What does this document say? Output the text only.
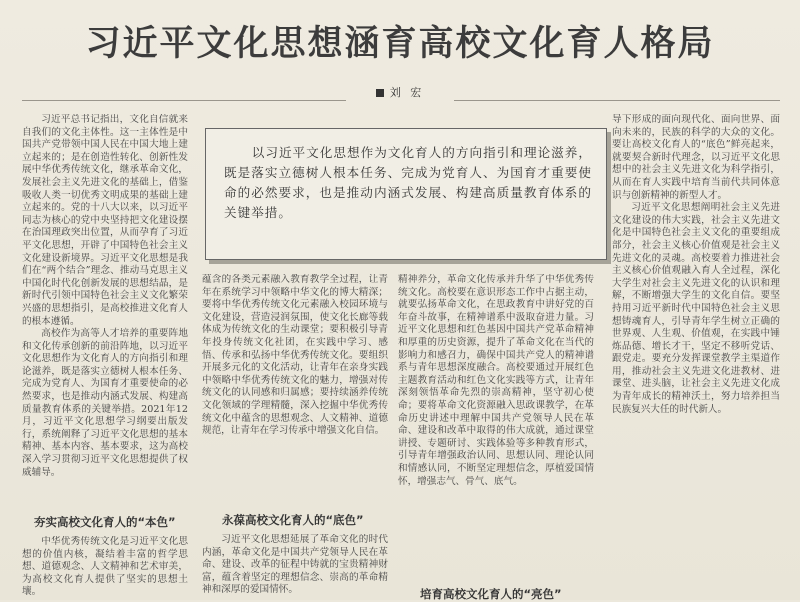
习近平文化思想涵育高校文化育人格局
刘 宏

习近平总书记指出，文化自信就来自我们的文化主体性。这一主体性是中国共产党带领中国人民在中国大地上建立起来的；是在创造性转化、创新性发展中华优秀传统文化，继承革命文化，发展社会主义先进文化的基础上，借鉴吸收人类一切优秀文明成果的基础上建立起来的。党的十八大以来，以习近平同志为核心的党中央坚持把文化建设摆在治国理政突出位置，从而孕育了习近平文化思想，开辟了中国特色社会主义文化建设新境界。习近平文化思想是我们在“两个结合”理念、推动马克思主义中国化时代化创新发展的思想结晶，是新时代引领中国特色社会主义文化繁荣兴盛的思想指引，是高校推进文化育人的根本遵循。

高校作为高等人才培养的重要阵地和文化传承创新的前沿阵地，以习近平文化思想作为文化育人的方向指引和理论滋养，既是落实立德树人根本任务、完成为党育人、为国育才重要使命的必然要求，也是推动内涵式发展、构建高质量教育体系的关键举措。2021年12月，习近平文化思想学习纲要出版发行，系统阐释了习近平文化思想的基本精神、基本内容、基本要求，这为高校深入学习贯彻习近平文化思想提供了权威辅导。

夯实高校文化育人的“本色”

中华优秀传统文化是习近平文化思想的价值内核，凝结着丰富的哲学思想、道德观念、人文精神和艺术审美，为高校文化育人提供了坚实的思想土壤。

以习近平文化思想作为文化育人的方向指引和理论滋养，既是落实立德树人根本任务、完成为党育人、为国育才重要使命的必然要求，也是推动内涵式发展、构建高质量教育体系的关键举措。

蕴含的各类元素融入教育教学全过程，让青年在系统学习中领略中华文化的博大精深；要将中华优秀传统文化元素融入校园环境与文化建设，营造浸润氛围，使文化长廊等载体成为传统文化的生动课堂；要积极引导青年投身传统文化社团，在实践中学习、感悟、传承和弘扬中华优秀传统文化。要组织开展多元化的文化活动，让青年在亲身实践中领略中华优秀传统文化的魅力，增强对传统文化的认同感和归属感；要持续涵养传统文化领域的学理精髓，深入挖掘中华优秀传统文化中蕴含的思想观念、人文精神、道德规范，让青年在学习传承中增强文化自信。

永葆高校文化育人的“底色”

习近平文化思想延展了革命文化的时代内涵，革命文化是中国共产党领导人民在革命、建设、改革的征程中铸就的宝贵精神财富，蕴含着坚定的理想信念、崇高的革命精神和深厚的爱国情怀。

精神养分，革命文化传承并升华了中华优秀传统文化。高校要在意识形态工作中占据主动，就要弘扬革命文化，在思政教育中讲好党的百年奋斗故事，在精神谱系中汲取奋进力量。习近平文化思想和红色基因中国共产党革命精神和厚重的历史资源，提升了革命文化在当代的影响力和感召力，确保中国共产党人的精神谱系与青年思想深度融合。高校要通过开展红色主题教育活动和红色文化实践等方式，让青年深刻领悟革命先烈的崇高精神，坚守初心使命；要将革命文化资源融入思政课教学，在革命历史讲述中理解中国共产党领导人民在革命、建设和改革中取得的伟大成就，通过课堂讲授、专题研讨、实践体验等多种教育形式，引导青年增强政治认同、思想认同、理论认同和情感认同，不断坚定理想信念，厚植爱国情怀，增强志气、骨气、底气。

培育高校文化育人的“亮色”

导下形成的面向现代化、面向世界、面向未来的，民族的科学的大众的文化。要让高校文化育人的“底色”鲜亮起来，就要契合新时代理念，以习近平文化思想中的社会主义先进文化为科学指引，从而在育人实践中培育当前代共同体意识与创新精神的新型人才。

习近平文化思想阐明社会主义先进文化建设的伟大实践，社会主义先进文化是中国特色社会主义文化的重要组成部分，社会主义核心价值观是社会主义先进文化的灵魂。高校要着力推进社会主义核心价值观融入育人全过程，深化大学生对社会主义先进文化的认识和理解，不断增强大学生的文化自信。要坚持用习近平新时代中国特色社会主义思想铸魂育人，引导青年学生树立正确的世界观、人生观、价值观，在实践中锤炼品德、增长才干，坚定不移听党话、跟党走。要充分发挥课堂教学主渠道作用，推动社会主义先进文化进教材、进课堂、进头脑，让社会主义先进文化成为青年成长的精神沃土，努力培养担当民族复兴大任的时代新人。
